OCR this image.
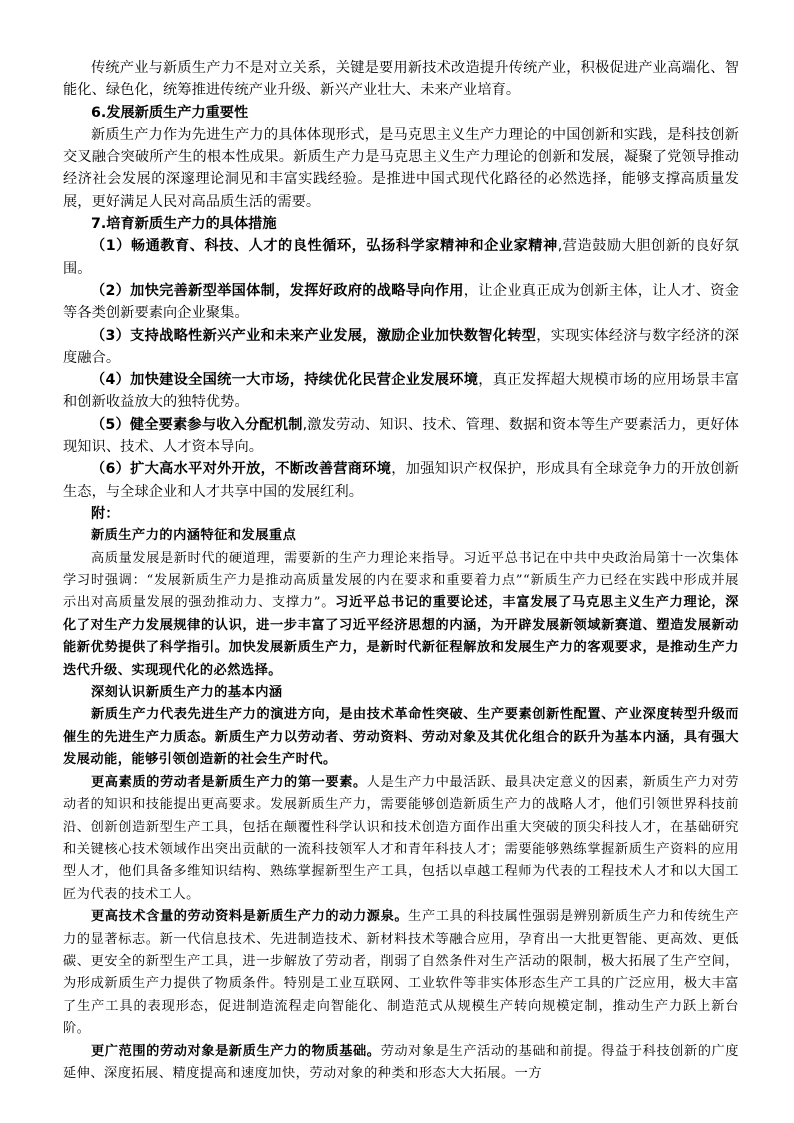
传统产业与新质生产力不是对立关系，关键是要用新技术改造提升传统产业，积极促进产业高端化、智能化、绿色化，统筹推进传统产业升级、新兴产业壮大、未来产业培育。

6.发展新质生产力重要性

新质生产力作为先进生产力的具体体现形式，是马克思主义生产力理论的中国创新和实践，是科技创新交叉融合突破所产生的根本性成果。新质生产力是马克思主义生产力理论的创新和发展，凝聚了党领导推动经济社会发展的深邃理论洞见和丰富实践经验。是推进中国式现代化路径的必然选择，能够支撑高质量发展，更好满足人民对高品质生活的需要。

7.培育新质生产力的具体措施

（1）畅通教育、科技、人才的良性循环，弘扬科学家精神和企业家精神,营造鼓励大胆创新的良好氛围。

（2）加快完善新型举国体制，发挥好政府的战略导向作用，让企业真正成为创新主体，让人才、资金等各类创新要素向企业聚集。

（3）支持战略性新兴产业和未来产业发展，激励企业加快数智化转型，实现实体经济与数字经济的深度融合。

（4）加快建设全国统一大市场，持续优化民营企业发展环境，真正发挥超大规模市场的应用场景丰富和创新收益放大的独特优势。

（5）健全要素参与收入分配机制,激发劳动、知识、技术、管理、数据和资本等生产要素活力，更好体现知识、技术、人才资本导向。

（6）扩大高水平对外开放，不断改善营商环境，加强知识产权保护，形成具有全球竞争力的开放创新生态，与全球企业和人才共享中国的发展红利。

附：

新质生产力的内涵特征和发展重点

高质量发展是新时代的硬道理，需要新的生产力理论来指导。习近平总书记在中共中央政治局第十一次集体学习时强调：“发展新质生产力是推动高质量发展的内在要求和重要着力点”“新质生产力已经在实践中形成并展示出对高质量发展的强劲推动力、支撑力”。习近平总书记的重要论述，丰富发展了马克思主义生产力理论，深化了对生产力发展规律的认识，进一步丰富了习近平经济思想的内涵，为开辟发展新领域新赛道、塑造发展新动能新优势提供了科学指引。加快发展新质生产力，是新时代新征程解放和发展生产力的客观要求，是推动生产力迭代升级、实现现代化的必然选择。

深刻认识新质生产力的基本内涵

新质生产力代表先进生产力的演进方向，是由技术革命性突破、生产要素创新性配置、产业深度转型升级而催生的先进生产力质态。新质生产力以劳动者、劳动资料、劳动对象及其优化组合的跃升为基本内涵，具有强大发展动能，能够引领创造新的社会生产时代。

更高素质的劳动者是新质生产力的第一要素。人是生产力中最活跃、最具决定意义的因素，新质生产力对劳动者的知识和技能提出更高要求。发展新质生产力，需要能够创造新质生产力的战略人才，他们引领世界科技前沿、创新创造新型生产工具，包括在颠覆性科学认识和技术创造方面作出重大突破的顶尖科技人才，在基础研究和关键核心技术领域作出突出贡献的一流科技领军人才和青年科技人才；需要能够熟练掌握新质生产资料的应用型人才，他们具备多维知识结构、熟练掌握新型生产工具，包括以卓越工程师为代表的工程技术人才和以大国工匠为代表的技术工人。

更高技术含量的劳动资料是新质生产力的动力源泉。生产工具的科技属性强弱是辨别新质生产力和传统生产力的显著标志。新一代信息技术、先进制造技术、新材料技术等融合应用，孕育出一大批更智能、更高效、更低碳、更安全的新型生产工具，进一步解放了劳动者，削弱了自然条件对生产活动的限制，极大拓展了生产空间，为形成新质生产力提供了物质条件。特别是工业互联网、工业软件等非实体形态生产工具的广泛应用，极大丰富了生产工具的表现形态，促进制造流程走向智能化、制造范式从规模生产转向规模定制，推动生产力跃上新台阶。

更广范围的劳动对象是新质生产力的物质基础。劳动对象是生产活动的基础和前提。得益于科技创新的广度延伸、深度拓展、精度提高和速度加快，劳动对象的种类和形态大大拓展。一方
